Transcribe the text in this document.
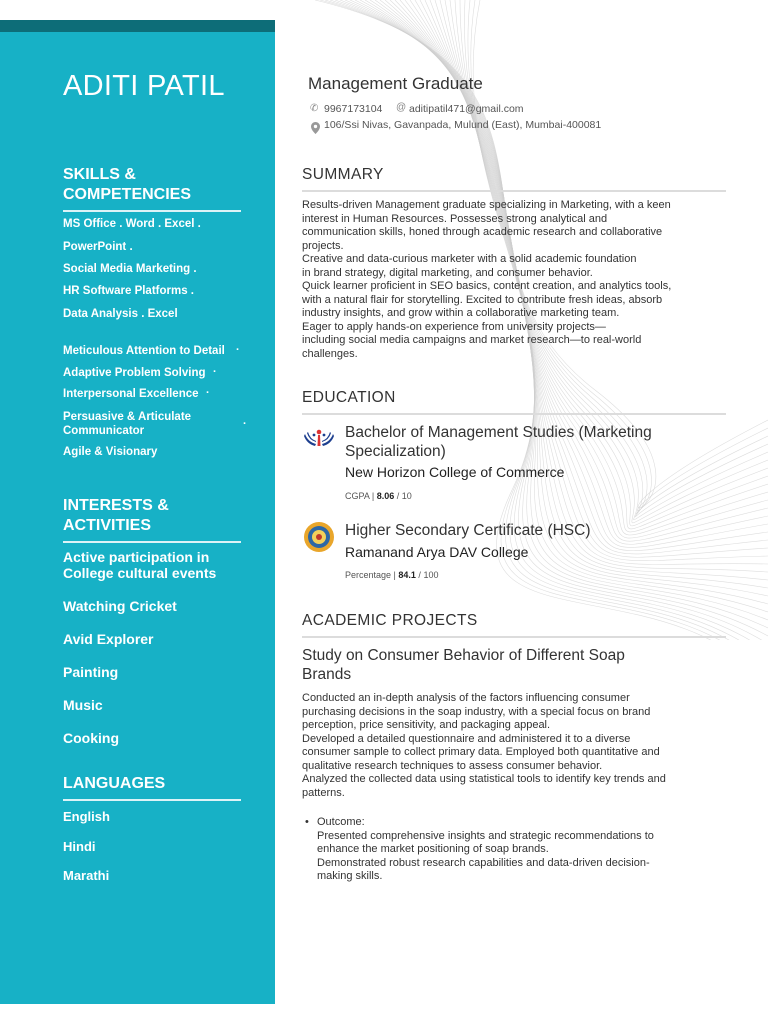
ADITI PATIL
SKILLS &
COMPETENCIES
MS Office . Word . Excel .
PowerPoint .
Social Media Marketing .
HR Software Platforms .
Data Analysis . Excel
Meticulous Attention to Detail ·
Adaptive Problem Solving ·
Interpersonal Excellence ·
Persuasive & Articulate
Communicator
·
Agile & Visionary
INTERESTS &
ACTIVITIES
Active participation in
College cultural events
Watching Cricket
Avid Explorer
Painting
Music
Cooking
LANGUAGES
English
Hindi
Marathi
Management Graduate
✆ 9967173104 @ aditipatil471@gmail.com
106/Ssi Nivas, Gavanpada, Mulund (East), Mumbai-400081
SUMMARY
Results-driven Management graduate specializing in Marketing, with a keen
interest in Human Resources. Possesses strong analytical and
communication skills, honed through academic research and collaborative
projects.
Creative and data-curious marketer with a solid academic foundation
in brand strategy, digital marketing, and consumer behavior.
Quick learner proficient in SEO basics, content creation, and analytics tools,
with a natural flair for storytelling. Excited to contribute fresh ideas, absorb
industry insights, and grow within a collaborative marketing team.
Eager to apply hands-on experience from university projects—
including social media campaigns and market research—to real-world
challenges.
EDUCATION
Bachelor of Management Studies (Marketing
Specialization)
New Horizon College of Commerce
CGPA | 8.06 / 10
Higher Secondary Certificate (HSC)
Ramanand Arya DAV College
Percentage | 84.1 / 100
ACADEMIC PROJECTS
Study on Consumer Behavior of Different Soap
Brands
Conducted an in-depth analysis of the factors influencing consumer
purchasing decisions in the soap industry, with a special focus on brand
perception, price sensitivity, and packaging appeal.
Developed a detailed questionnaire and administered it to a diverse
consumer sample to collect primary data. Employed both quantitative and
qualitative research techniques to assess consumer behavior.
Analyzed the collected data using statistical tools to identify key trends and
patterns.
• Outcome:
Presented comprehensive insights and strategic recommendations to
enhance the market positioning of soap brands.
Demonstrated robust research capabilities and data-driven decision-
making skills.
